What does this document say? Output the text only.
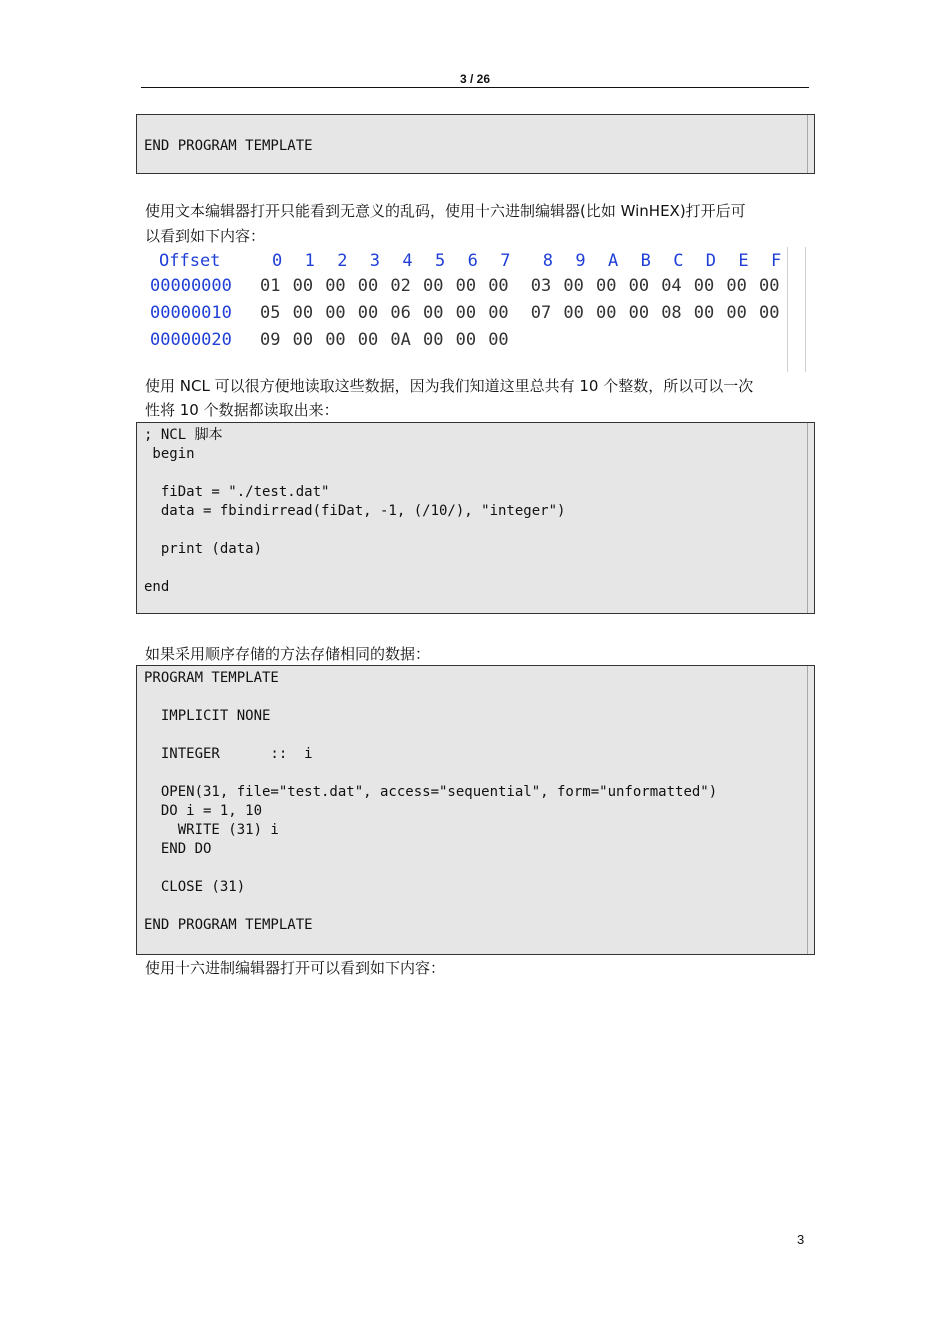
3 / 26
END PROGRAM TEMPLATE
使用文本编辑器打开只能看到无意义的乱码，使用十六进制编辑器(比如 WinHEX)打开后可
以看到如下内容：
Offset	0 1 2 3 4 5 6 7 8 9 A B C D E F
00000000 01 00 00 00 02 00 00 00 03 00 00 00 04 00 00 00
00000010 05 00 00 00 06 00 00 00 07 00 00 00 08 00 00 00
00000020 09 00 00 00 0A 00 00 00
使用 NCL 可以很方便地读取这些数据，因为我们知道这里总共有 10 个整数，所以可以一次
性将 10 个数据都读取出来：
; NCL 脚本
begin
fiDat = "./test.dat"
data = fbindirread(fiDat, -1, (/10/), "integer")
print (data)
end
如果采用顺序存储的方法存储相同的数据：
PROGRAM TEMPLATE
IMPLICIT NONE
INTEGER      ::  i
OPEN(31, file="test.dat", access="sequential", form="unformatted")
DO i = 1, 10
WRITE (31) i
END DO
CLOSE (31)
END PROGRAM TEMPLATE
使用十六进制编辑器打开可以看到如下内容：
3
